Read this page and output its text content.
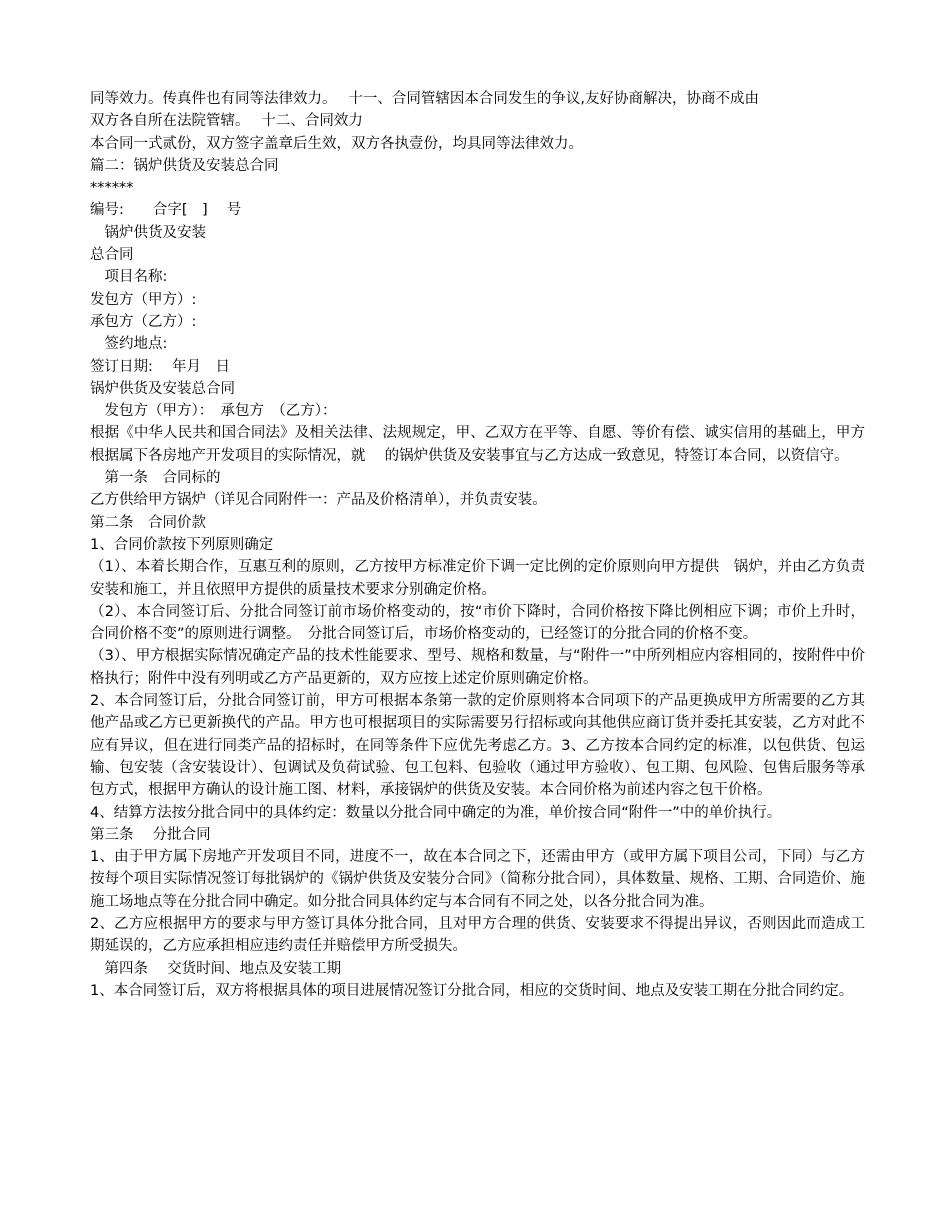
同等效力。传真件也有同等法律效力。　 十一、合同管辖因本合同发生的争议,友好协商解决，协商不成由

双方各自所在法院管辖。　 十二、合同效力

本合同一式贰份，双方签字盖章后生效，双方各执壹份，均具同等法律效力。

篇二：锅炉供货及安装总合同

******

编号:　　合字[　]　 号

　锅炉供货及安装

总合同

　项目名称:

发包方（甲方）:

承包方（乙方）:

　签约地点:

签订日期:　 年月　日

锅炉供货及安装总合同

　发包方（甲方）：　承包方　（乙方）：

根据《中华人民共和国合同法》及相关法律、法规规定，甲、乙双方在平等、自愿、等价有偿、诚实信用的基础上，甲方根据属下各房地产开发项目的实际情况，就　 的锅炉供货及安装事宜与乙方达成一致意见，特签订本合同，以资信守。

　第一条　合同标的

乙方供给甲方锅炉（详见合同附件一：产品及价格清单），并负责安装。

第二条　合同价款

1、合同价款按下列原则确定

（1）、本着长期合作，互惠互利的原则，乙方按甲方标准定价下调一定比例的定价原则向甲方提供　锅炉，并由乙方负责安装和施工，并且依照甲方提供的质量技术要求分别确定价格。

（2）、本合同签订后、分批合同签订前市场价格变动的，按“市价下降时，合同价格按下降比例相应下调；市价上升时，合同价格不变”的原则进行调整。　分批合同签订后，市场价格变动的，已经签订的分批合同的价格不变。

（3）、甲方根据实际情况确定产品的技术性能要求、型号、规格和数量，与“附件一”中所列相应内容相同的，按附件中价格执行；附件中没有列明或乙方产品更新的，双方应按上述定价原则确定价格。

2、本合同签订后，分批合同签订前，甲方可根据本条第一款的定价原则将本合同项下的产品更换成甲方所需要的乙方其他产品或乙方已更新换代的产品。甲方也可根据项目的实际需要另行招标或向其他供应商订货并委托其安装，乙方对此不应有异议，但在进行同类产品的招标时，在同等条件下应优先考虑乙方。3、乙方按本合同约定的标准，以包供货、包运输、包安装（含安装设计）、包调试及负荷试验、包工包料、包验收（通过甲方验收）、包工期、包风险、包售后服务等承包方式，根据甲方确认的设计施工图、材料，承接锅炉的供货及安装。本合同价格为前述内容之包干价格。

4、结算方法按分批合同中的具体约定：数量以分批合同中确定的为准，单价按合同“附件一”中的单价执行。

第三条　 分批合同

1、由于甲方属下房地产开发项目不同，进度不一，故在本合同之下，还需由甲方（或甲方属下项目公司，下同）与乙方按每个项目实际情况签订每批锅炉的《锅炉供货及安装分合同》（简称分批合同），具体数量、规格、工期、合同造价、施施工场地点等在分批合同中确定。如分批合同具体约定与本合同有不同之处，以各分批合同为准。

2、乙方应根据甲方的要求与甲方签订具体分批合同，且对甲方合理的供货、安装要求不得提出异议，否则因此而造成工期延误的，乙方应承担相应违约责任并赔偿甲方所受损失。

　第四条　 交货时间、地点及安装工期

1、本合同签订后，双方将根据具体的项目进展情况签订分批合同，相应的交货时间、地点及安装工期在分批合同约定。
